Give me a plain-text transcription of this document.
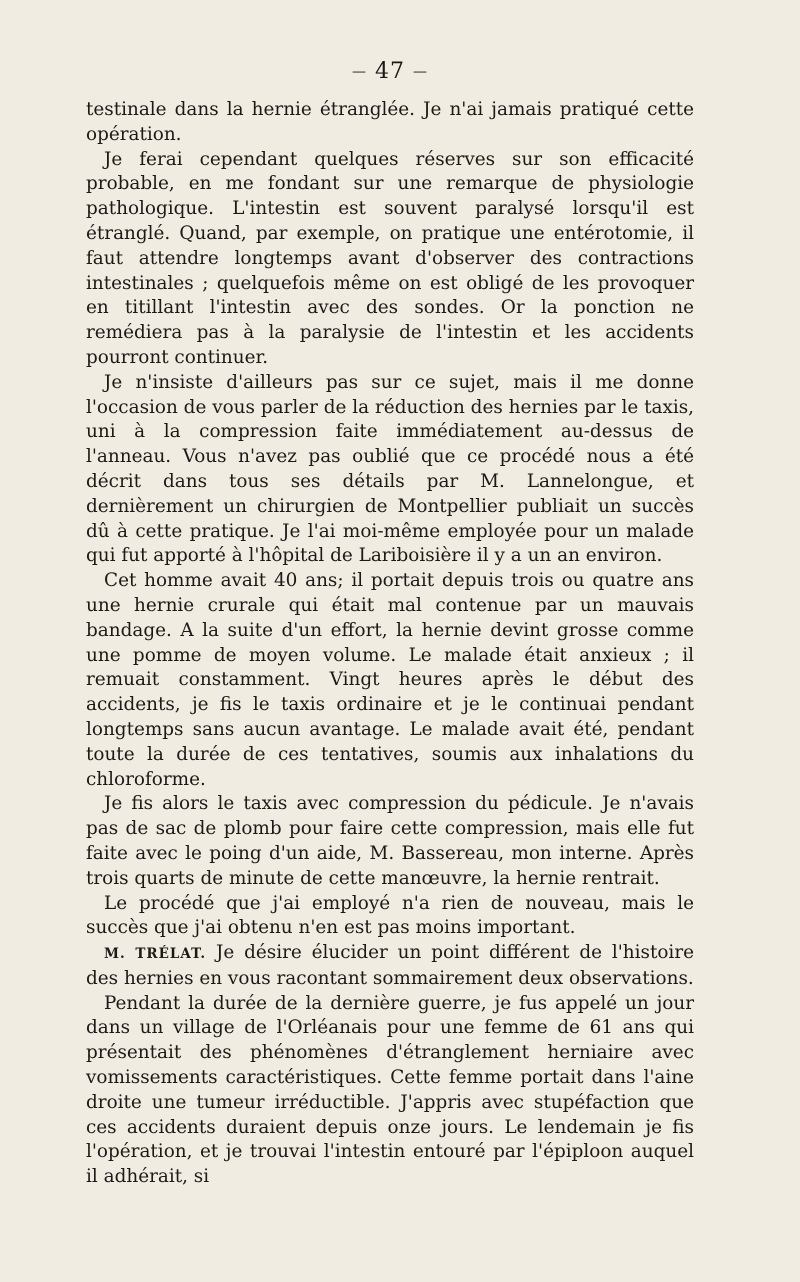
— 47 —

testinale dans la hernie étranglée. Je n'ai jamais pratiqué cette opération.

Je ferai cependant quelques réserves sur son efficacité probable, en me fondant sur une remarque de physiologie pathologique. L'intestin est souvent paralysé lorsqu'il est étranglé. Quand, par exemple, on pratique une entérotomie, il faut attendre longtemps avant d'observer des contractions intestinales ; quelquefois même on est obligé de les provoquer en titillant l'intestin avec des sondes. Or la ponction ne remédiera pas à la paralysie de l'intestin et les accidents pourront continuer.

Je n'insiste d'ailleurs pas sur ce sujet, mais il me donne l'occasion de vous parler de la réduction des hernies par le taxis, uni à la compression faite immédiatement au-dessus de l'anneau. Vous n'avez pas oublié que ce procédé nous a été décrit dans tous ses détails par M. Lannelongue, et dernièrement un chirurgien de Montpellier publiait un succès dû à cette pratique. Je l'ai moi-même employée pour un malade qui fut apporté à l'hôpital de Lariboisière il y a un an environ.

Cet homme avait 40 ans; il portait depuis trois ou quatre ans une hernie crurale qui était mal contenue par un mauvais bandage. A la suite d'un effort, la hernie devint grosse comme une pomme de moyen volume. Le malade était anxieux ; il remuait constamment. Vingt heures après le début des accidents, je fis le taxis ordinaire et je le continuai pendant longtemps sans aucun avantage. Le malade avait été, pendant toute la durée de ces tentatives, soumis aux inhalations du chloroforme.

Je fis alors le taxis avec compression du pédicule. Je n'avais pas de sac de plomb pour faire cette compression, mais elle fut faite avec le poing d'un aide, M. Bassereau, mon interne. Après trois quarts de minute de cette manœuvre, la hernie rentrait.

Le procédé que j'ai employé n'a rien de nouveau, mais le succès que j'ai obtenu n'en est pas moins important.

M. TRÉLAT. Je désire élucider un point différent de l'histoire des hernies en vous racontant sommairement deux observations.

Pendant la durée de la dernière guerre, je fus appelé un jour dans un village de l'Orléanais pour une femme de 61 ans qui présentait des phénomènes d'étranglement herniaire avec vomissements caractéristiques. Cette femme portait dans l'aine droite une tumeur irréductible. J'appris avec stupéfaction que ces accidents duraient depuis onze jours. Le lendemain je fis l'opération, et je trouvai l'intestin entouré par l'épiploon auquel il adhérait, si
